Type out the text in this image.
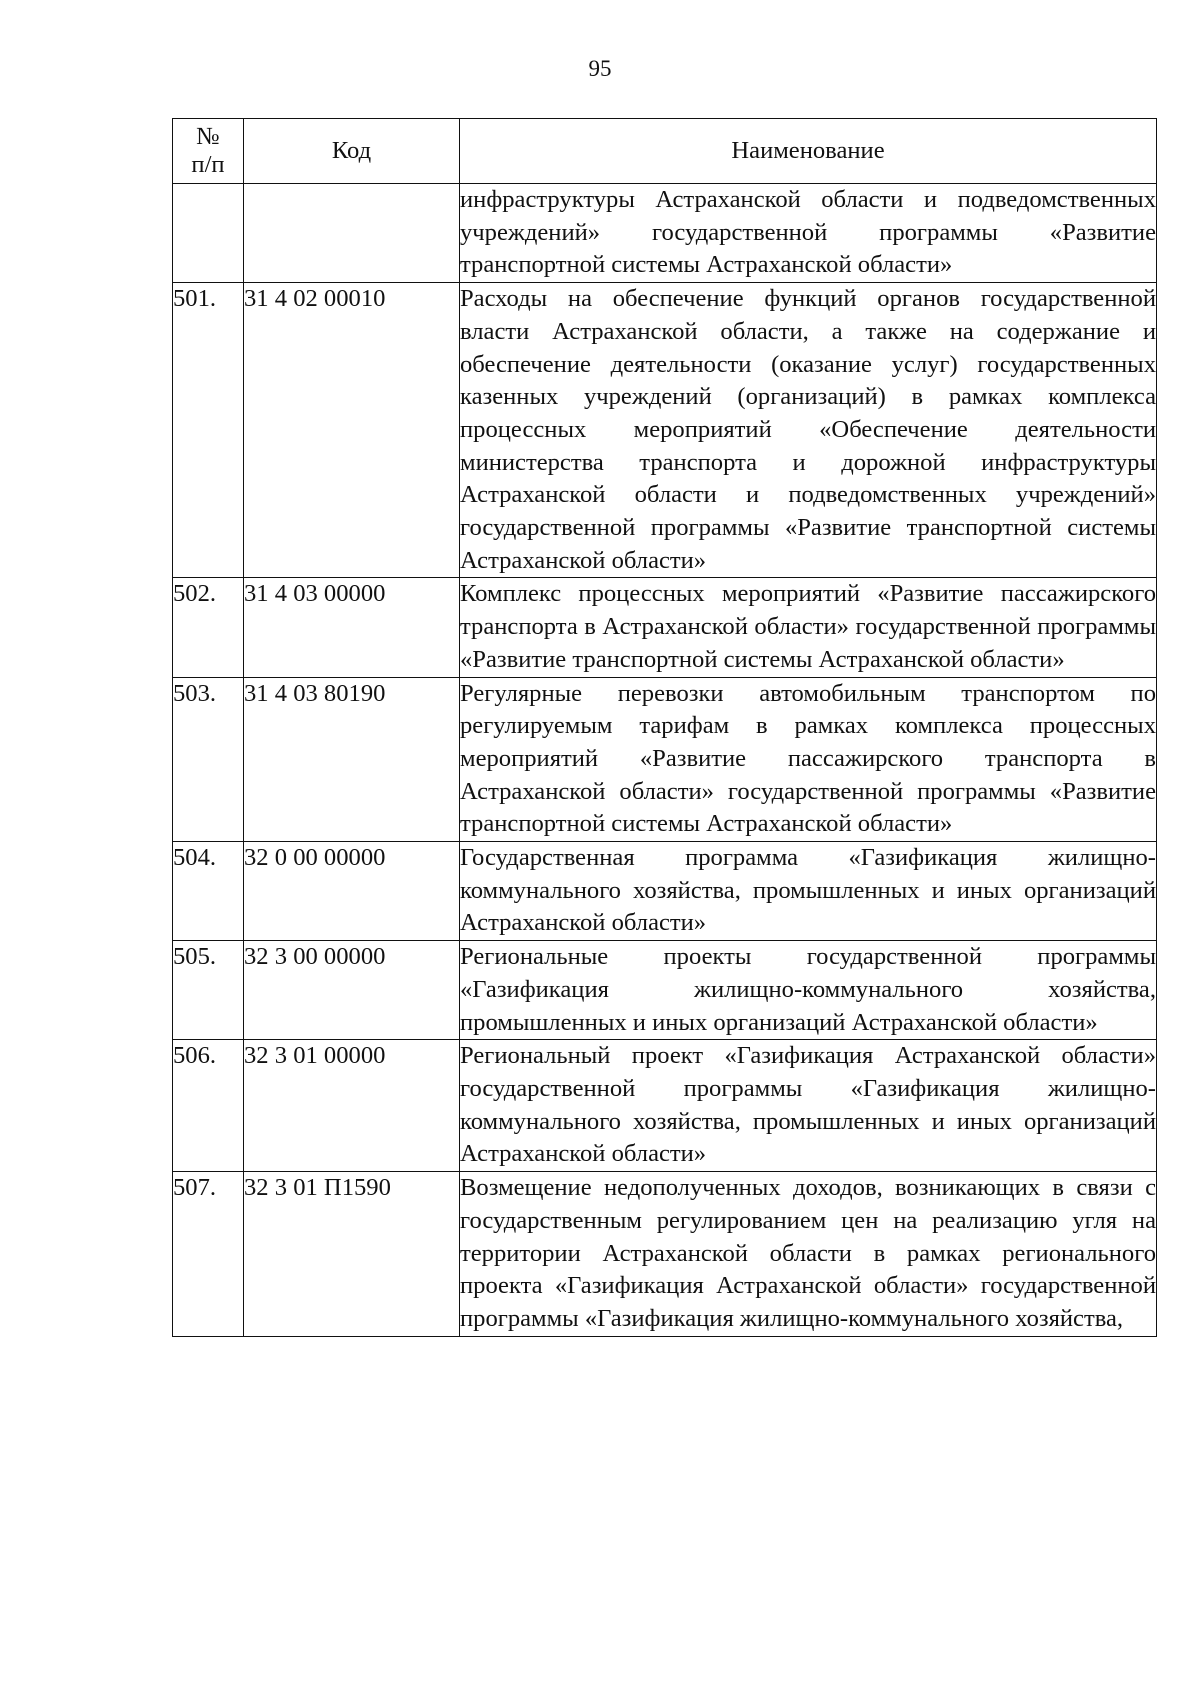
95
№
п/п	Код	Наименование
		инфраструктуры Астраханской области и подведомственных учреждений» государственной программы «Развитие транспортной системы Астраханской области»
501.	31 4 02 00010	Расходы на обеспечение функций органов государственной власти Астраханской области, а также на содержание и обеспечение деятельности (оказание услуг) государственных казенных учреждений (организаций) в рамках комплекса процессных мероприятий «Обеспечение деятельности министерства транспорта и дорожной инфраструктуры Астраханской области и подведомственных учреждений» государственной программы «Развитие транспортной системы Астраханской области»
502.	31 4 03 00000	Комплекс процессных мероприятий «Развитие пассажирского транспорта в Астраханской области» государственной программы «Развитие транспортной системы Астраханской области»
503.	31 4 03 80190	Регулярные перевозки автомобильным транспортом по регулируемым тарифам в рамках комплекса процессных мероприятий «Развитие пассажирского транспорта в Астраханской области» государственной программы «Развитие транспортной системы Астраханской области»
504.	32 0 00 00000	Государственная программа «Газификация жилищно-коммунального хозяйства, промышленных и иных организаций Астраханской области»
505.	32 3 00 00000	Региональные проекты государственной программы «Газификация жилищно-коммунального хозяйства, промышленных и иных организаций Астраханской области»
506.	32 3 01 00000	Региональный проект «Газификация Астраханской области» государственной программы «Газификация жилищно-коммунального хозяйства, промышленных и иных организаций Астраханской области»
507.	32 3 01 П1590	Возмещение недополученных доходов, возникающих в связи с государственным регулированием цен на реализацию угля на территории Астраханской области в рамках регионального проекта «Газификация Астраханской области» государственной программы «Газификация жилищно-коммунального хозяйства,
